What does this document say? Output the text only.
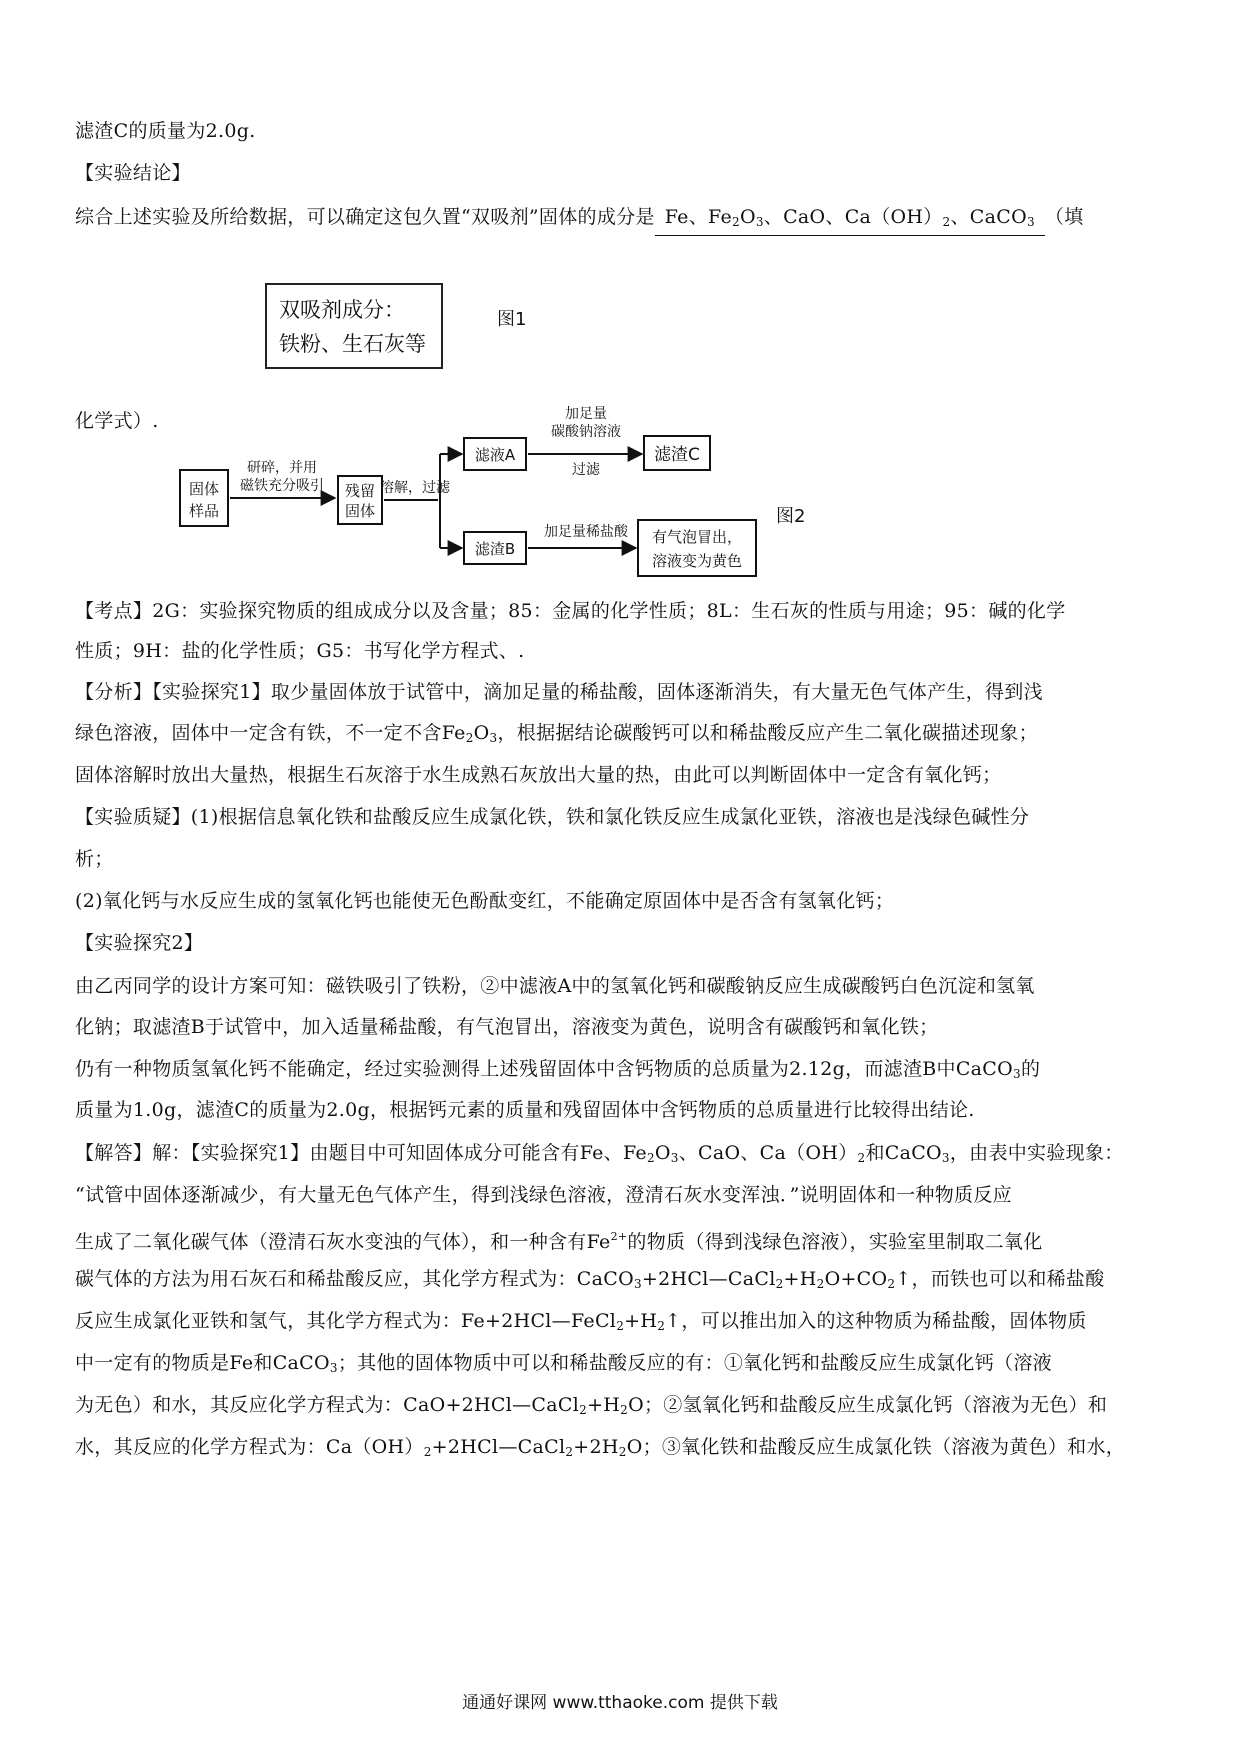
滤渣C的质量为2.0g.
【实验结论】
综合上述实验及所给数据，可以确定这包久置“双吸剂”固体的成分是 Fe、$Fe_2O_3$、CaO、$Ca(OH)_2$、CaCO$_3$ （填
双吸剂成分：
铁粉、生石灰等
图1
化学式）.
固体
样品
研碎，并用
磁铁充分吸引 残留
固体
溶解，过滤
滤液A
加足量
碳酸钠溶液
过滤
滤渣C
滤渣B
加足量稀盐酸 有气泡冒出，
溶液变为黄色
图2
【考点】2G：实验探究物质的组成成分以及含量；85：金属的化学性质；8L：生石灰的性质与用途；95：碱的化学
性质；9H：盐的化学性质；G5：书写化学方程式、.
【分析】【实验探究1】取少量固体放于试管中，滴加足量的稀盐酸，固体逐渐消失，有大量无色气体产生，得到浅
绿色溶液，固体中一定含有铁，不一定不含$Fe_2O_3$，根据据结论碳酸钙可以和稀盐酸反应产生二氧化碳描述现象；
固体溶解时放出大量热，根据生石灰溶于水生成熟石灰放出大量的热，由此可以判断固体中一定含有氧化钙；
【实验质疑】(1)根据信息氧化铁和盐酸反应生成氯化铁，铁和氯化铁反应生成氯化亚铁，溶液也是浅绿色碱性分
析；
(2)氧化钙与水反应生成的氢氧化钙也能使无色酚酞变红，不能确定原固体中是否含有氢氧化钙；
【实验探究2】
由乙丙同学的设计方案可知：磁铁吸引了铁粉，②中滤液A中的氢氧化钙和碳酸钠反应生成碳酸钙白色沉淀和氢氧
化钠；取滤渣B于试管中，加入适量稀盐酸，有气泡冒出，溶液变为黄色，说明含有碳酸钙和氧化铁；
仍有一种物质氢氧化钙不能确定，经过实验测得上述残留固体中含钙物质的总质量为2.12g，而滤渣B中CaCO$_3$的
质量为1.0g，滤渣C的质量为2.0g，根据钙元素的质量和残留固体中含钙物质的总质量进行比较得出结论.
【解答】解：【实验探究1】由题目中可知固体成分可能含有Fe、$Fe_2O_3$、CaO、$Ca(OH)_2$和CaCO$_3$，由表中实验现象：
“试管中固体逐渐减少，有大量无色气体产生，得到浅绿色溶液，澄清石灰水变浑浊．”说明固体和一种物质反应
生成了二氧化碳气体（澄清石灰水变浊的气体），和一种含有$Fe^{2+}$的物质（得到浅绿色溶液），实验室里制取二氧化
碳气体的方法为用石灰石和稀盐酸反应，其化学方程式为：$CaCO_3+2HCl—CaCl_2+H_2O+CO_2↑$，而铁也可以和稀盐酸
反应生成氯化亚铁和氢气，其化学方程式为：$Fe+2HCl—FeCl_2+H_2↑$，可以推出加入的这种物质为稀盐酸，固体物质
中一定有的物质是Fe和CaCO$_3$；其他的固体物质中可以和稀盐酸反应的有：①氧化钙和盐酸反应生成氯化钙（溶液
为无色）和水，其反应化学方程式为：$CaO+2HCl—CaCl_2+H_2O$；②氢氧化钙和盐酸反应生成氯化钙（溶液为无色）和
水，其反应的化学方程式为：$Ca(OH)_2+2HCl—CaCl_2+2H_2O$；③氧化铁和盐酸反应生成氯化铁（溶液为黄色）和水，
通通好课网 www.tthaoke.com 提供下载
